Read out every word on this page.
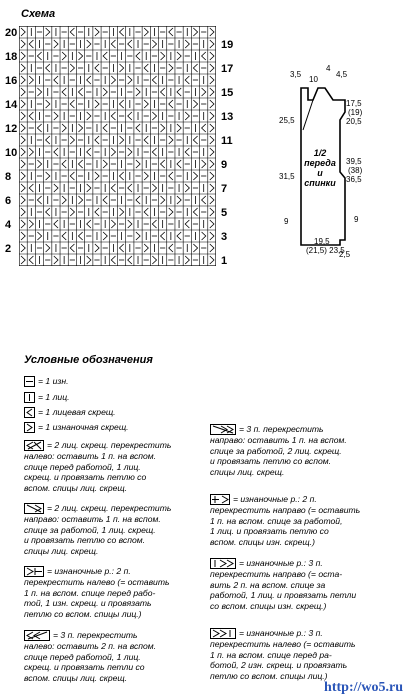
Схема
20
18
16
14
12
10
8
6
4
2
19
17
15
13
11
9
7
5
3
1
3,5
10
4
4,5
17,5
(19)
20,5
25,5
39,5
(38)
36,5
31,5
9	9
19,5
(21,5) 23,5
2,5
1/2
переда
и
спинки
Условные обозначения
= 1 изн.
= 1 лиц.
= 1 лицевая скрещ.
= 1 изнаночная скрещ.
= 2 лиц. скрещ. перекрестить
налево: оставить 1 п. на вспом.
спице перед работой, 1 лиц.
скрещ. и провязать петлю со
вспом. спицы лиц. скрещ.
= 2 лиц. скрещ. перекрестить
направо: оставить 1 п. на вспом.
спице за работой, 1 лиц. скрещ.
и провязать петлю со вспом.
спицы лиц. скрещ.
= изнаночные р.: 2 п.
перекрестить налево (= оставить
1 п. на вспом. спице перед рабо-
той, 1 изн. скрещ. и провязать
петлю со вспом. спицы лиц.)
= 3 п. перекрестить
налево: оставить 2 п. на вспом.
спице перед работой, 1 лиц.
скрещ. и провязать петли со
вспом. спицы лиц. скрещ.
= 3 п. перекрестить
направо: оставить 1 п. на вспом.
спице за работой, 2 лиц. скрещ.
и провязать петлю со вспом.
спицы лиц. скрещ.
= изнаночные р.: 2 п.
перекрестить направо (= оставить
1 п. на вспом. спице за работой,
1 лиц. и провязать петлю со
вспом. спицы изн. скрещ.)
= изнаночные р.: 3 п.
перекрестить направо (= оста-
вить 2 п. на вспом. спице за
работой, 1 лиц. и провязать петли
со вспом. спицы изн. скрещ.)
= изнаночные р.: 3 п.
перекрестить налево (= оставить
1 п. на вспом. спице перед ра-
ботой, 2 изн. скрещ. и провязать
петлю со вспом. спицы лиц.)
http://wo5.ru
